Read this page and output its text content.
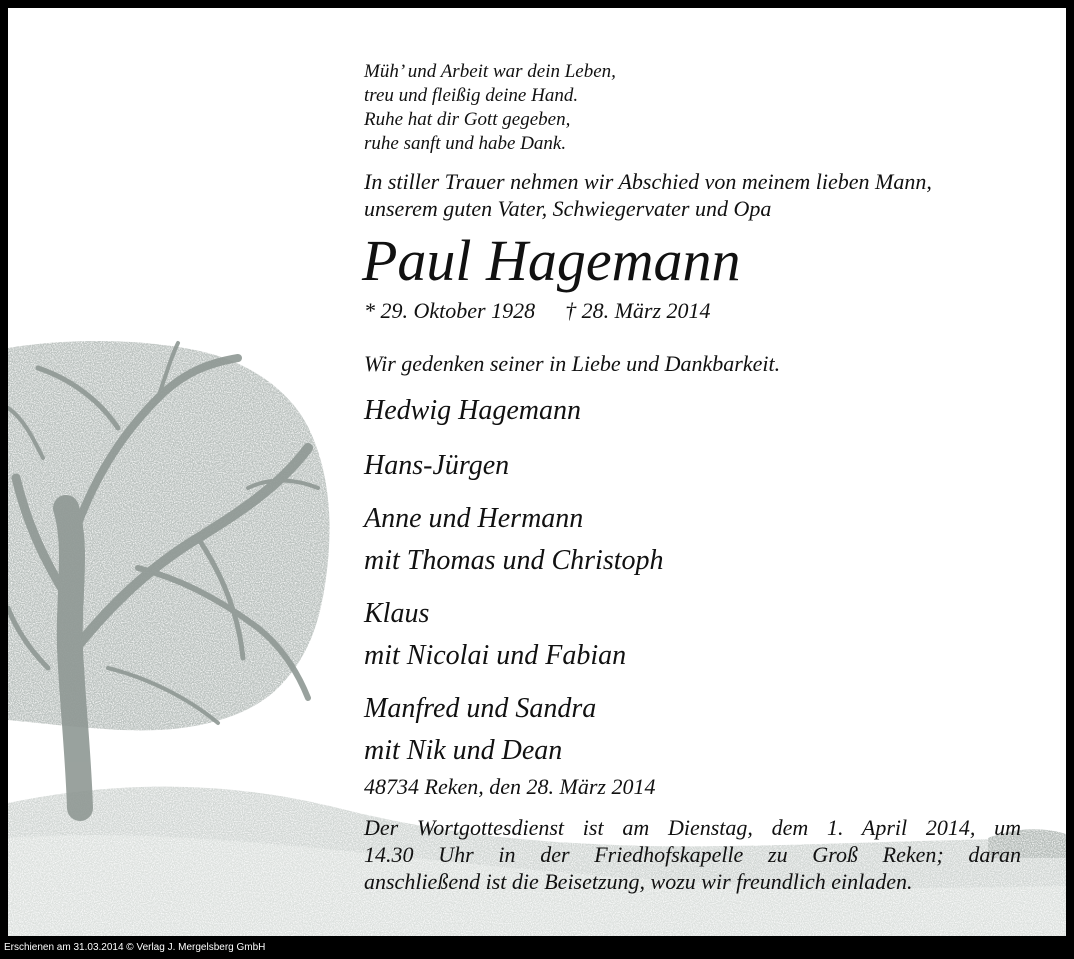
Müh’ und Arbeit war dein Leben,
treu und fleißig deine Hand.
Ruhe hat dir Gott gegeben,
ruhe sanft und habe Dank.
In stiller Trauer nehmen wir Abschied von meinem lieben Mann,
unserem guten Vater, Schwiegervater und Opa
Paul Hagemann
* 29. Oktober 1928 † 28. März 2014
Wir gedenken seiner in Liebe und Dankbarkeit.
Hedwig Hagemann
Hans-Jürgen
Anne und Hermann
mit Thomas und Christoph
Klaus
mit Nicolai und Fabian
Manfred und Sandra
mit Nik und Dean
48734 Reken, den 28. März 2014
Der Wortgottesdienst ist am Dienstag, dem 1. April 2014, um
14.30 Uhr in der Friedhofskapelle zu Groß Reken; daran
anschließend ist die Beisetzung, wozu wir freundlich einladen.
Erschienen am 31.03.2014 © Verlag J. Mergelsberg GmbH
